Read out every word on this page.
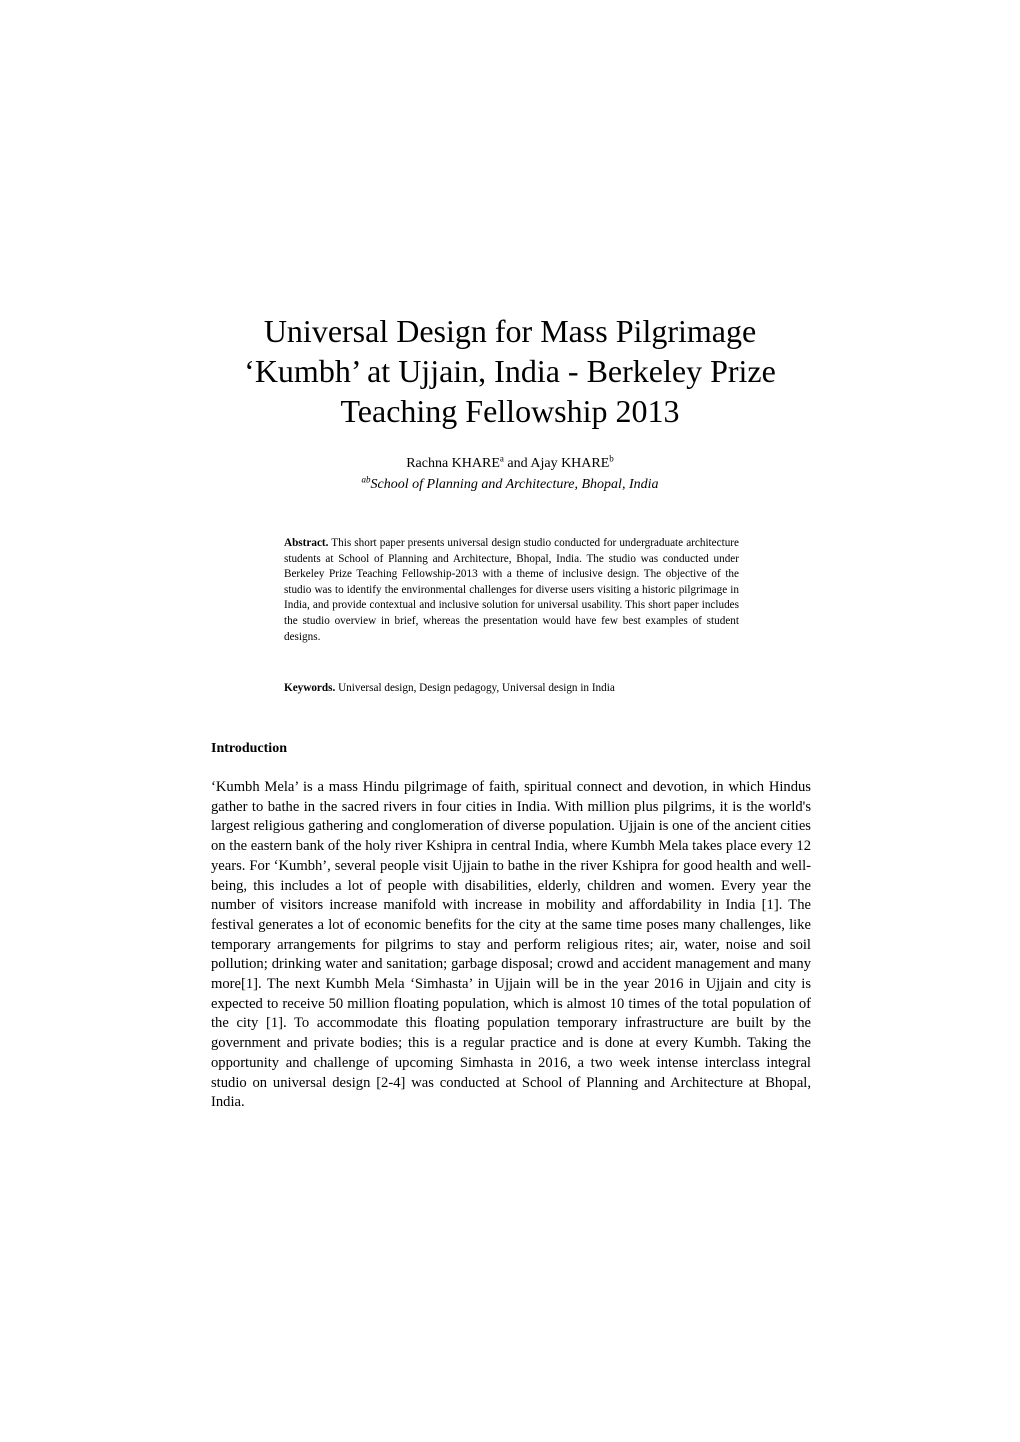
Universal Design for Mass Pilgrimage
‘Kumbh’ at Ujjain, India - Berkeley Prize
Teaching Fellowship 2013
Rachna KHARE$^a$ and Ajay KHARE$^b$
$^{ab}$School of Planning and Architecture, Bhopal, India
Abstract. This short paper presents universal design studio conducted for undergraduate architecture students at School of Planning and Architecture, Bhopal, India. The studio was conducted under Berkeley Prize Teaching Fellowship-2013 with a theme of inclusive design. The objective of the studio was to identify the environmental challenges for diverse users visiting a historic pilgrimage in India, and provide contextual and inclusive solution for universal usability. This short paper includes the studio overview in brief, whereas the presentation would have few best examples of student designs.
Keywords. Universal design, Design pedagogy, Universal design in India
Introduction
‘Kumbh Mela’ is a mass Hindu pilgrimage of faith, spiritual connect and devotion, in which Hindus gather to bathe in the sacred rivers in four cities in India. With million plus pilgrims, it is the world's largest religious gathering and conglomeration of diverse population. Ujjain is one of the ancient cities on the eastern bank of the holy river Kshipra in central India, where Kumbh Mela takes place every 12 years. For ‘Kumbh’, several people visit Ujjain to bathe in the river Kshipra for good health and well-being, this includes a lot of people with disabilities, elderly, children and women. Every year the number of visitors increase manifold with increase in mobility and affordability in India [1]. The festival generates a lot of economic benefits for the city at the same time poses many challenges, like temporary arrangements for pilgrims to stay and perform religious rites; air, water, noise and soil pollution; drinking water and sanitation; garbage disposal; crowd and accident management and many more[1]. The next Kumbh Mela ‘Simhasta’ in Ujjain will be in the year 2016 in Ujjain and city is expected to receive 50 million floating population, which is almost 10 times of the total population of the city [1]. To accommodate this floating population temporary infrastructure are built by the government and private bodies; this is a regular practice and is done at every Kumbh. Taking the opportunity and challenge of upcoming Simhasta in 2016, a two week intense interclass integral studio on universal design [2-4] was conducted at School of Planning and Architecture at Bhopal, India.
